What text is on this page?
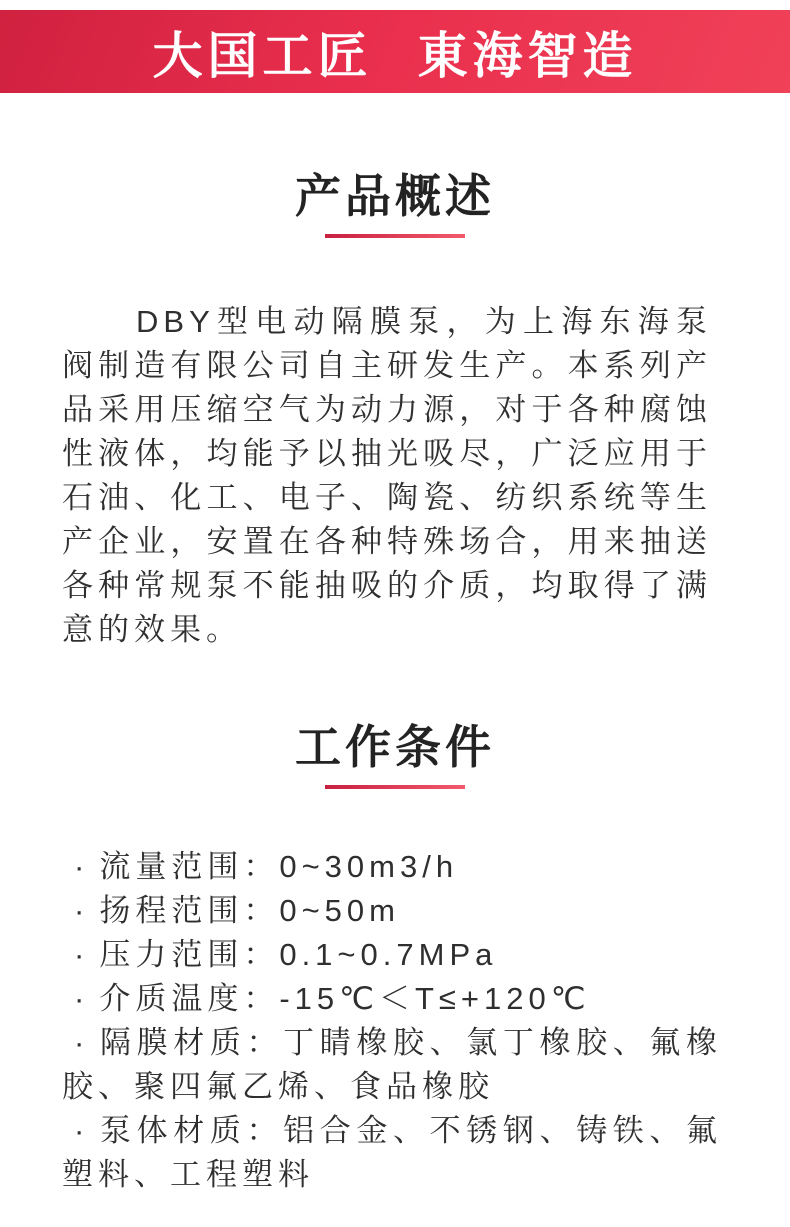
大国工匠 東海智造
产品概述

DBY型电动隔膜泵，为上海东海泵阀制造有限公司自主研发生产。本系列产品采用压缩空气为动力源，对于各种腐蚀性液体，均能予以抽光吸尽，广泛应用于石油、化工、电子、陶瓷、纺织系统等生产企业，安置在各种特殊场合，用来抽送各种常规泵不能抽吸的介质，均取得了满意的效果。

工作条件
· 流量范围：0~30m3/h
· 扬程范围：0~50m
· 压力范围：0.1~0.7MPa
· 介质温度：-15℃＜T≤+120℃
· 隔膜材质：丁睛橡胶、氯丁橡胶、氟橡胶、聚四氟乙烯、食品橡胶
· 泵体材质：铝合金、不锈钢、铸铁、氟塑料、工程塑料
